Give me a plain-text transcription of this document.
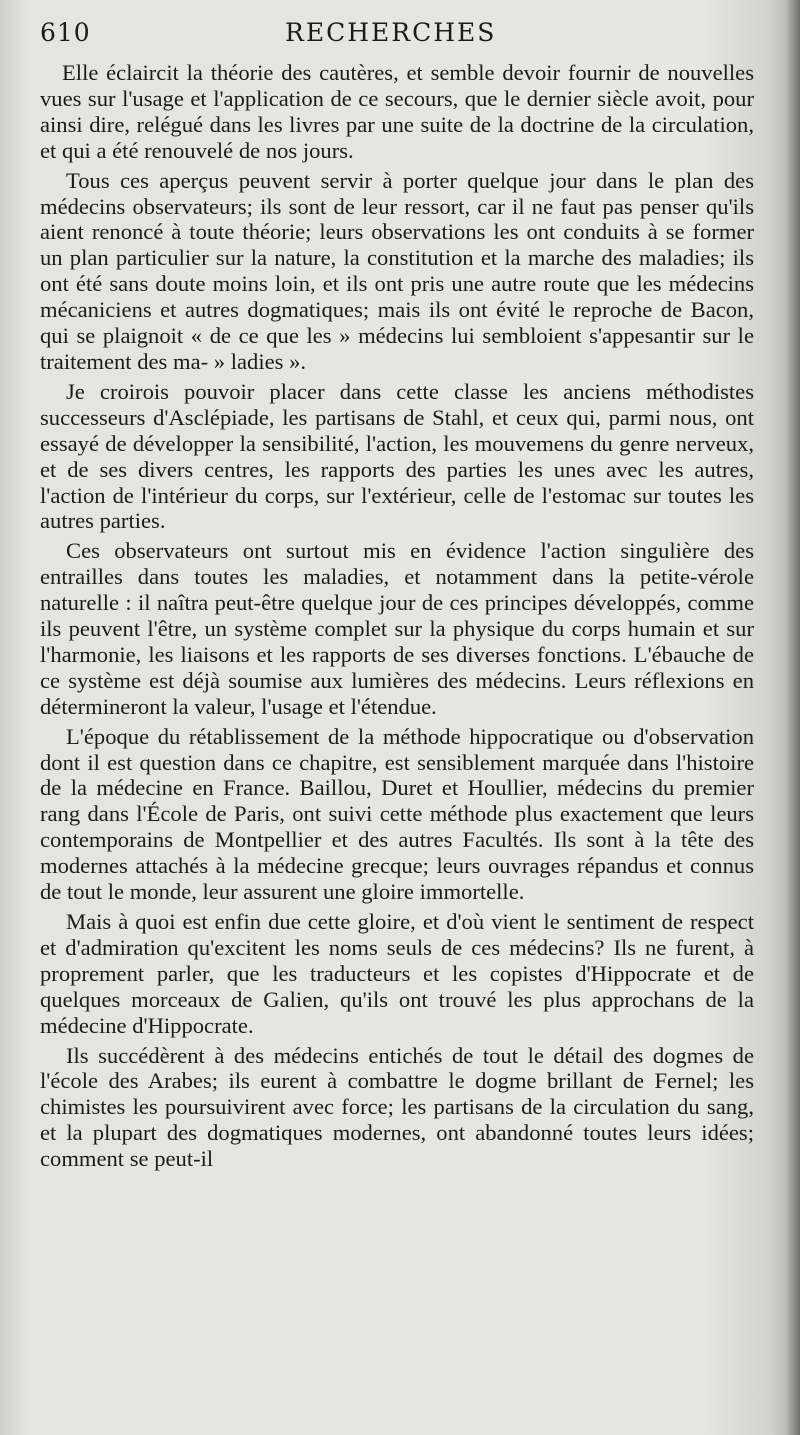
610	RECHERCHES

Elle éclaircit la théorie des cautères, et semble devoir fournir de nouvelles vues sur l'usage et l'application de ce secours, que le dernier siècle avoit, pour ainsi dire, relégué dans les livres par une suite de la doctrine de la circulation, et qui a été renouvelé de nos jours.

Tous ces aperçus peuvent servir à porter quelque jour dans le plan des médecins observateurs; ils sont de leur ressort, car il ne faut pas penser qu'ils aient renoncé à toute théorie; leurs observations les ont conduits à se former un plan particulier sur la nature, la constitution et la marche des maladies; ils ont été sans doute moins loin, et ils ont pris une autre route que les médecins mécaniciens et autres dogmatiques; mais ils ont évité le reproche de Bacon, qui se plaignoit « de ce que les » médecins lui sembloient s'appesantir sur le traitement des ma- » ladies ».

Je croirois pouvoir placer dans cette classe les anciens méthodistes successeurs d'Asclépiade, les partisans de Stahl, et ceux qui, parmi nous, ont essayé de développer la sensibilité, l'action, les mouvemens du genre nerveux, et de ses divers centres, les rapports des parties les unes avec les autres, l'action de l'intérieur du corps, sur l'extérieur, celle de l'estomac sur toutes les autres parties.

Ces observateurs ont surtout mis en évidence l'action singulière des entrailles dans toutes les maladies, et notamment dans la petite-vérole naturelle : il naîtra peut-être quelque jour de ces principes développés, comme ils peuvent l'être, un système complet sur la physique du corps humain et sur l'harmonie, les liaisons et les rapports de ses diverses fonctions. L'ébauche de ce système est déjà soumise aux lumières des médecins. Leurs réflexions en détermineront la valeur, l'usage et l'étendue.

L'époque du rétablissement de la méthode hippocratique ou d'observation dont il est question dans ce chapitre, est sensiblement marquée dans l'histoire de la médecine en France. Baillou, Duret et Houllier, médecins du premier rang dans l'École de Paris, ont suivi cette méthode plus exactement que leurs contemporains de Montpellier et des autres Facultés. Ils sont à la tête des modernes attachés à la médecine grecque; leurs ouvrages répandus et connus de tout le monde, leur assurent une gloire immortelle.

Mais à quoi est enfin due cette gloire, et d'où vient le sentiment de respect et d'admiration qu'excitent les noms seuls de ces médecins? Ils ne furent, à proprement parler, que les traducteurs et les copistes d'Hippocrate et de quelques morceaux de Galien, qu'ils ont trouvé les plus approchans de la médecine d'Hippocrate.

Ils succédèrent à des médecins entichés de tout le détail des dogmes de l'école des Arabes; ils eurent à combattre le dogme brillant de Fernel; les chimistes les poursuivirent avec force; les partisans de la circulation du sang, et la plupart des dogmatiques modernes, ont abandonné toutes leurs idées; comment se peut-il
